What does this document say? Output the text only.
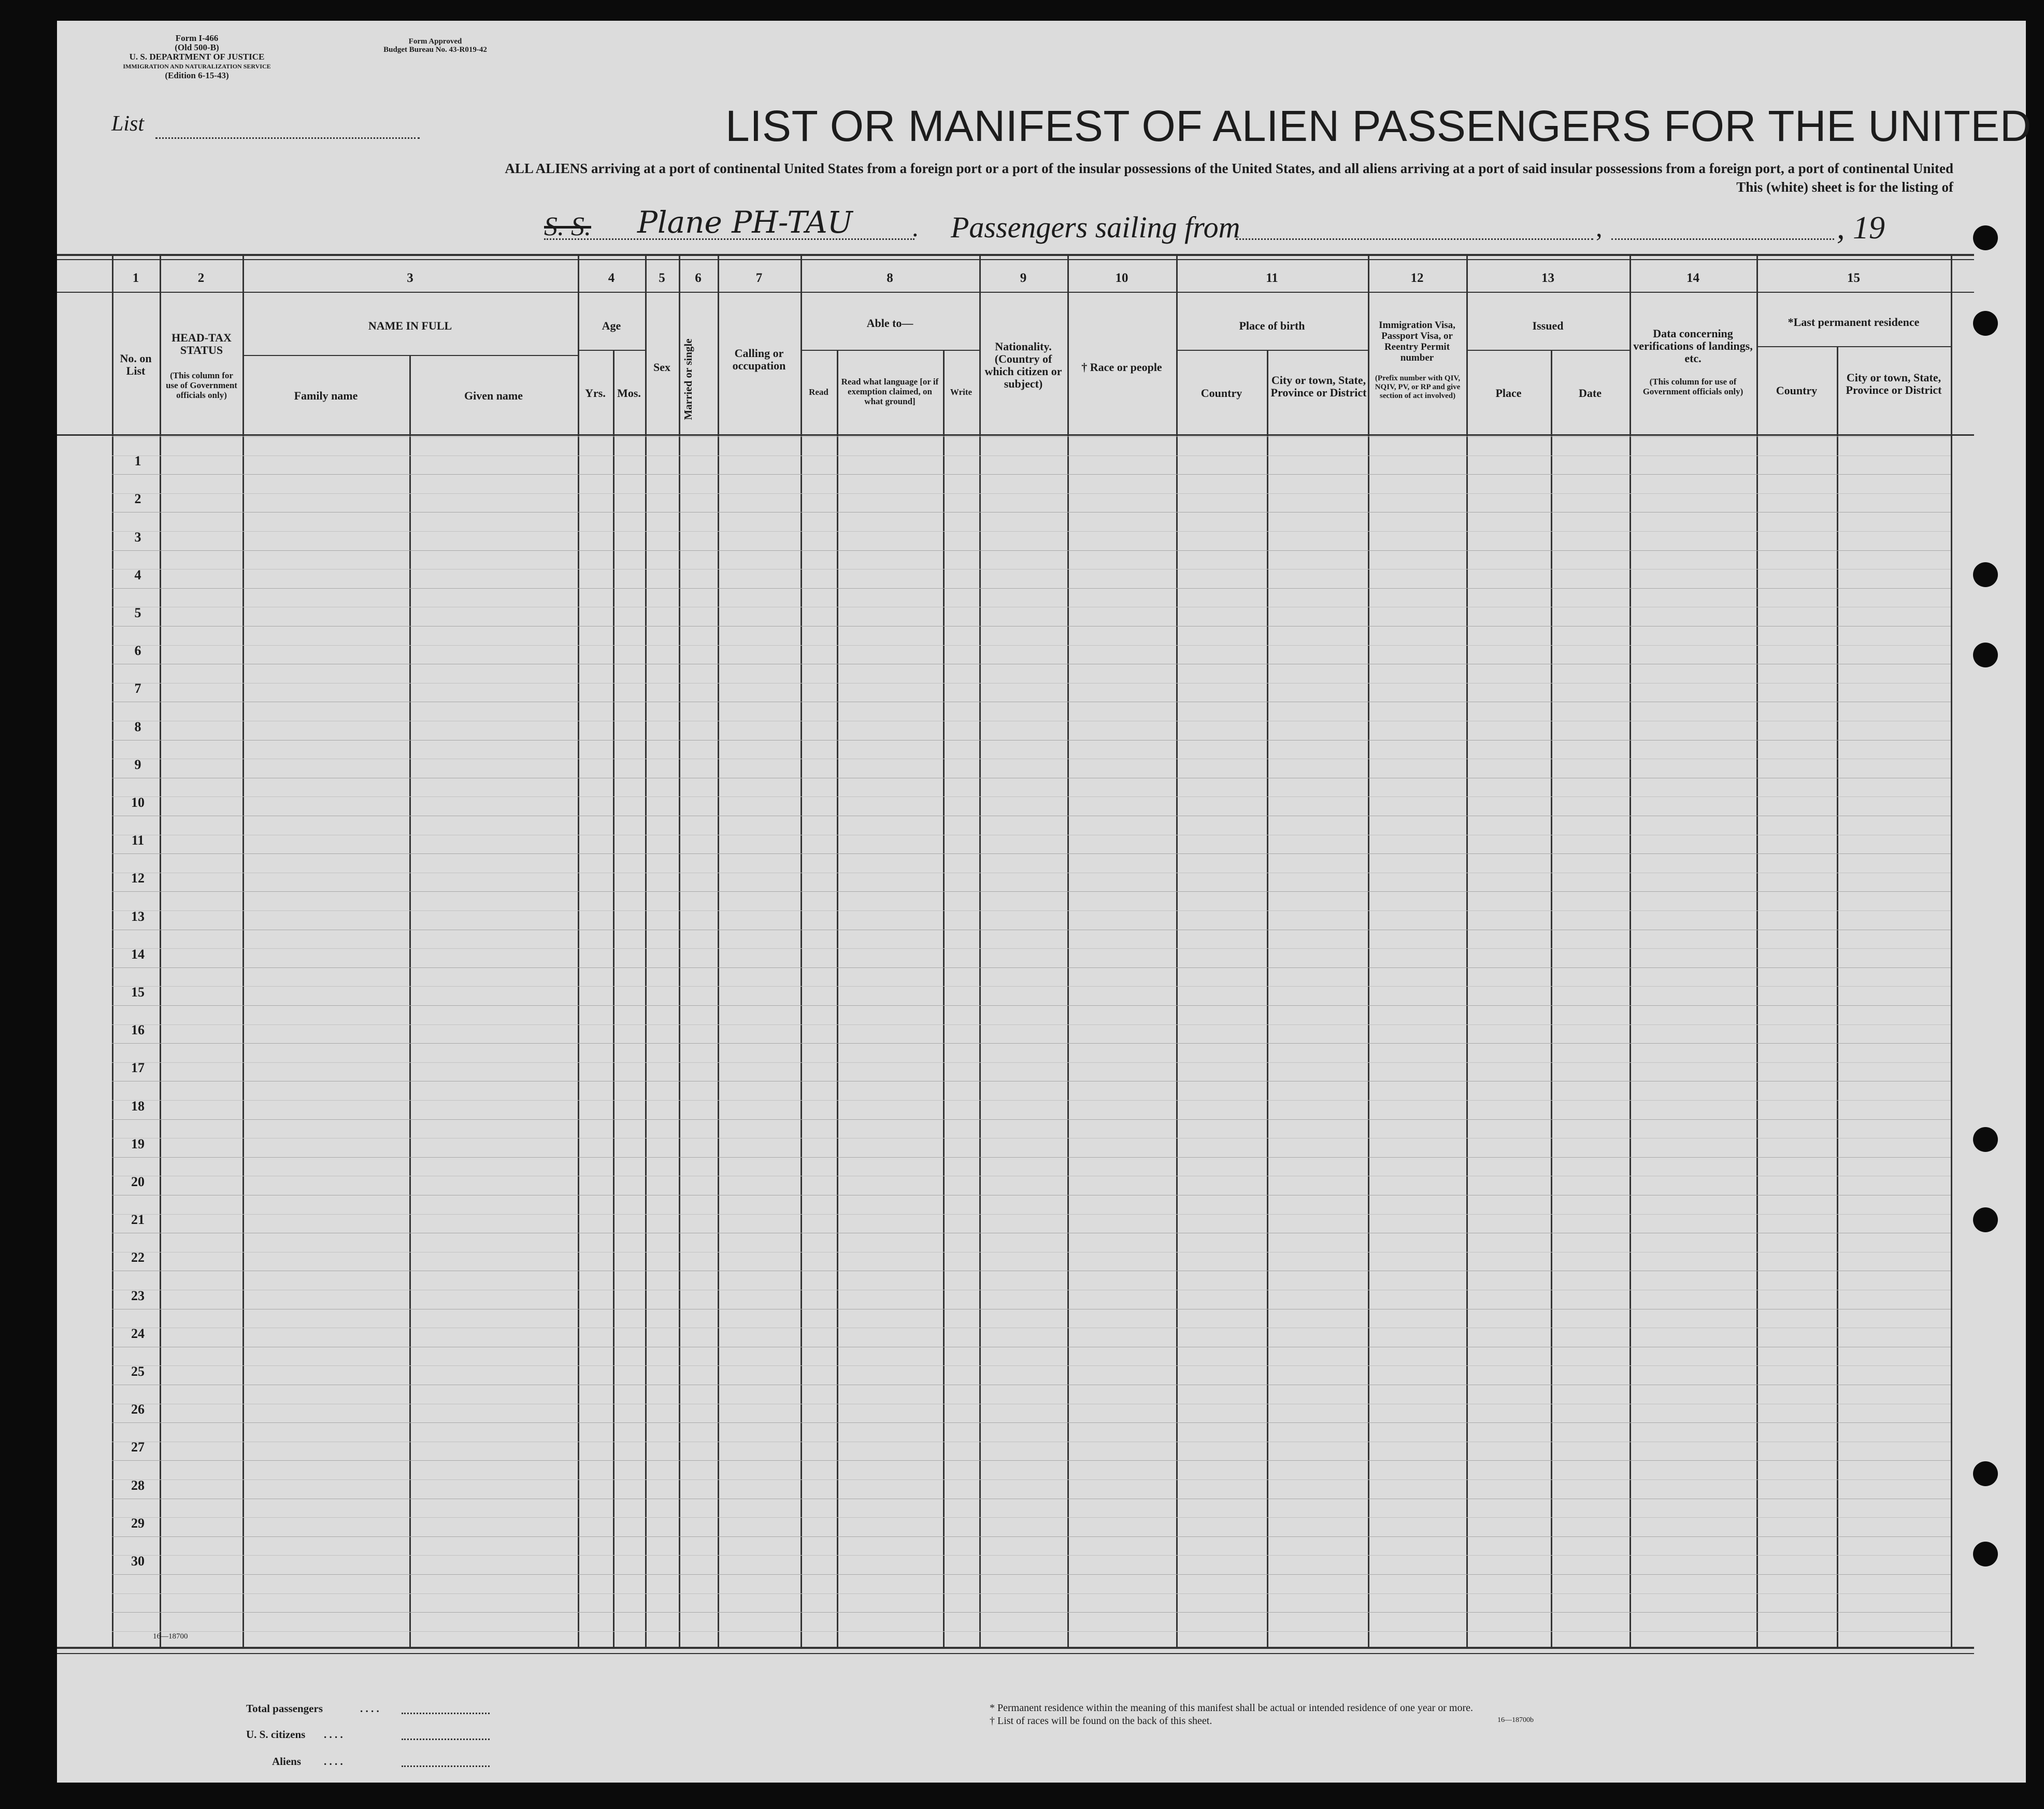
Form I-466
(Old 500-B)
U. S. DEPARTMENT OF JUSTICE
IMMIGRATION AND NATURALIZATION SERVICE
(Edition 6-15-43)
Form Approved
Budget Bureau No. 43-R019-42
List	LIST OR MANIFEST OF ALIEN PASSENGERS FOR THE UNITED
ALL ALIENS arriving at a port of continental United States from a foreign port or a port of the insular possessions of the United States, and all aliens arriving at a port of said insular possessions from a foreign port, a port of continental United
This (white) sheet is for the listing of
S. S. Plane PH-TAU . Passengers sailing from	,	, 19
1	2	3	4	5	6	7	8	9	10	11	12	13	14	15
No. on List
HEAD-TAX STATUS
(This column for use of Government officials only)
NAME IN FULL
Family name	Given name
Age
Yrs.	Mos.
Sex	Married or single	Calling or occupation
Able to—
Read
Read what language [or if exemption claimed, on what ground]
Write
Nationality. (Country of which citizen or subject)
† Race or people
Place of birth
Country
City or town, State, Province or District
Immigration Visa, Passport Visa, or Reentry Permit number
(Prefix number with QIV, NQIV, PV, or RP and give section of act involved)
Issued
Place	Date
Data concerning verifications of landings, etc.
(This column for use of Government officials only)
*Last permanent residence
Country
City or town, State, Province or District
1
2
3
4
5
6
7
8
9
10
11
12
13
14
15
16
17
18
19
20
21
22
23
24
25
26
27
28
29
30
16—18700
Total passengers	. . . .
U. S. citizens . . . .
Aliens . . . .
* Permanent residence within the meaning of this manifest shall be actual or intended residence of one year or more.
† List of races will be found on the back of this sheet.	16—18700b
